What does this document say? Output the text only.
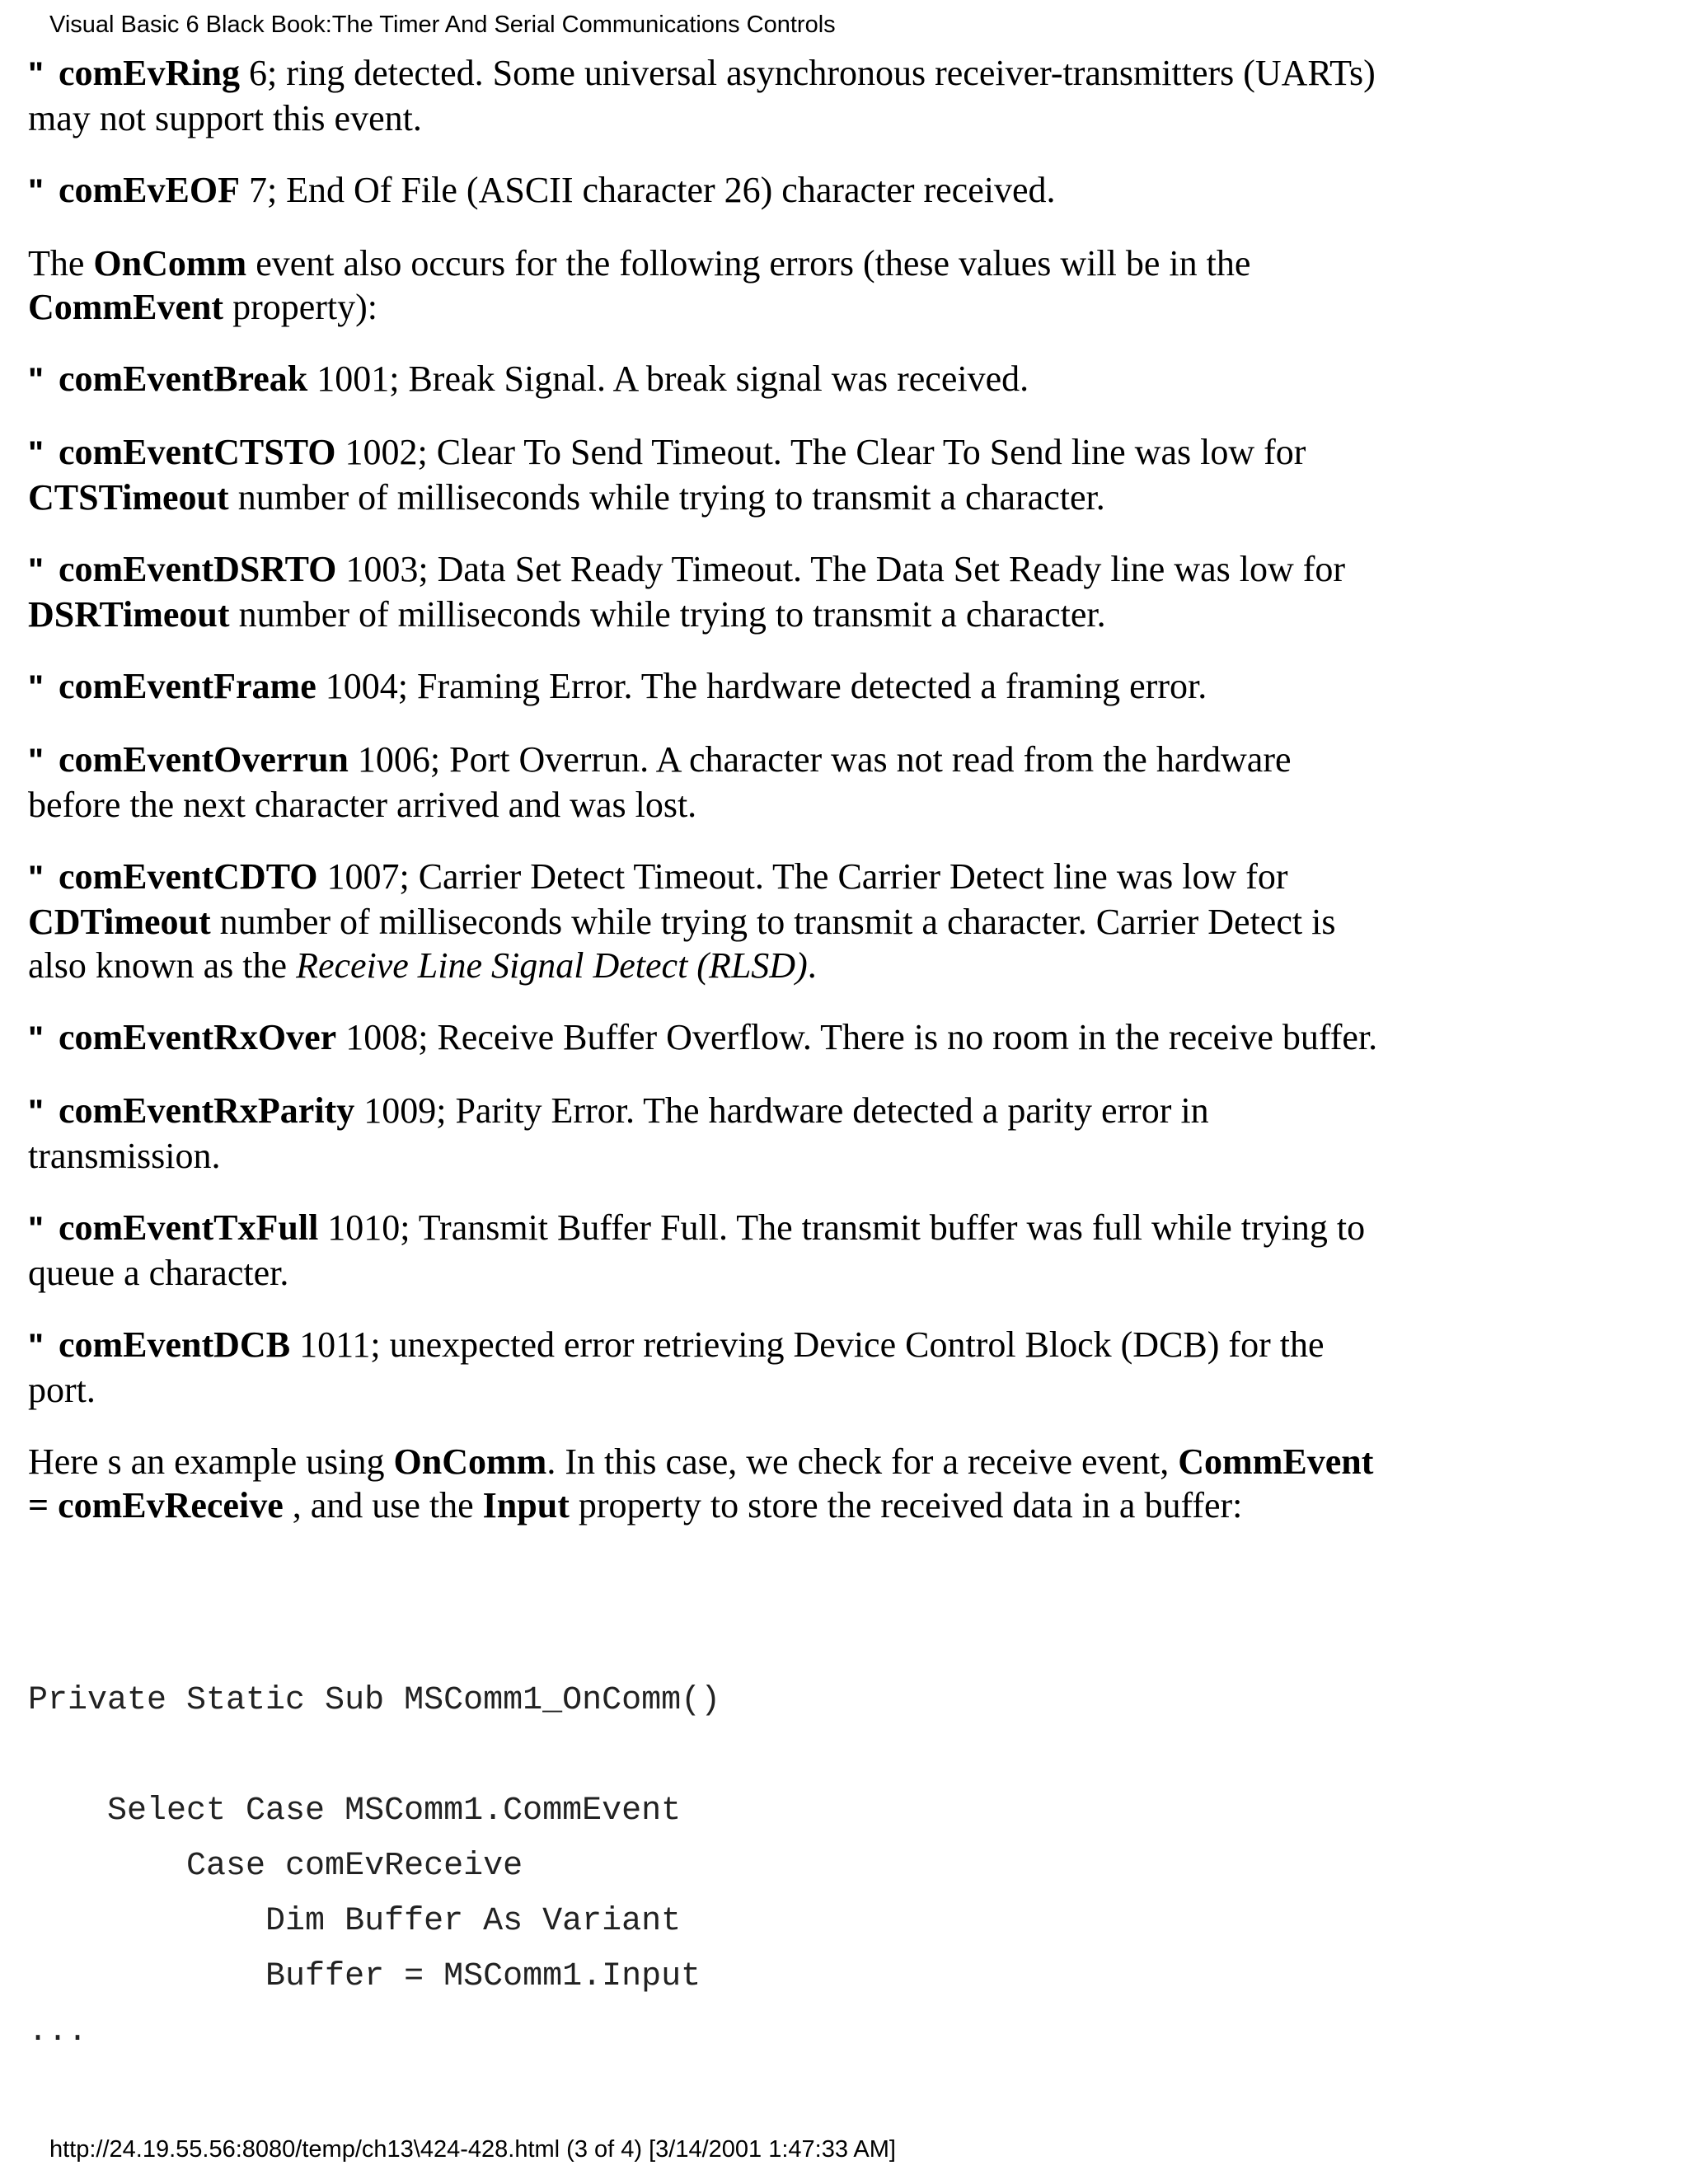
Visual Basic 6 Black Book:The Timer And Serial Communications Controls
" comEvRing 6; ring detected. Some universal asynchronous receiver-transmitters (UARTs) may not support this event.
" comEvEOF 7; End Of File (ASCII character 26) character received.

The OnComm event also occurs for the following errors (these values will be in the CommEvent property):

" comEventBreak 1001; Break Signal. A break signal was received.
" comEventCTSTO 1002; Clear To Send Timeout. The Clear To Send line was low for CTSTimeout number of milliseconds while trying to transmit a character.
" comEventDSRTO 1003; Data Set Ready Timeout. The Data Set Ready line was low for DSRTimeout number of milliseconds while trying to transmit a character.
" comEventFrame 1004; Framing Error. The hardware detected a framing error.
" comEventOverrun 1006; Port Overrun. A character was not read from the hardware before the next character arrived and was lost.
" comEventCDTO 1007; Carrier Detect Timeout. The Carrier Detect line was low for CDTimeout number of milliseconds while trying to transmit a character. Carrier Detect is also known as the Receive Line Signal Detect (RLSD).
" comEventRxOver 1008; Receive Buffer Overflow. There is no room in the receive buffer.
" comEventRxParity 1009; Parity Error. The hardware detected a parity error in transmission.
" comEventTxFull 1010; Transmit Buffer Full. The transmit buffer was full while trying to queue a character.
" comEventDCB 1011; unexpected error retrieving Device Control Block (DCB) for the port.

Here s an example using OnComm. In this case, we check for a receive event, CommEvent = comEvReceive , and use the Input property to store the received data in a buffer:

Private Static Sub MSComm1_OnComm()
Select Case MSComm1.CommEvent
Case comEvReceive
Dim Buffer As Variant
Buffer = MSComm1.Input
...
http://24.19.55.56:8080/temp/ch13\424-428.html (3 of 4) [3/14/2001 1:47:33 AM]
